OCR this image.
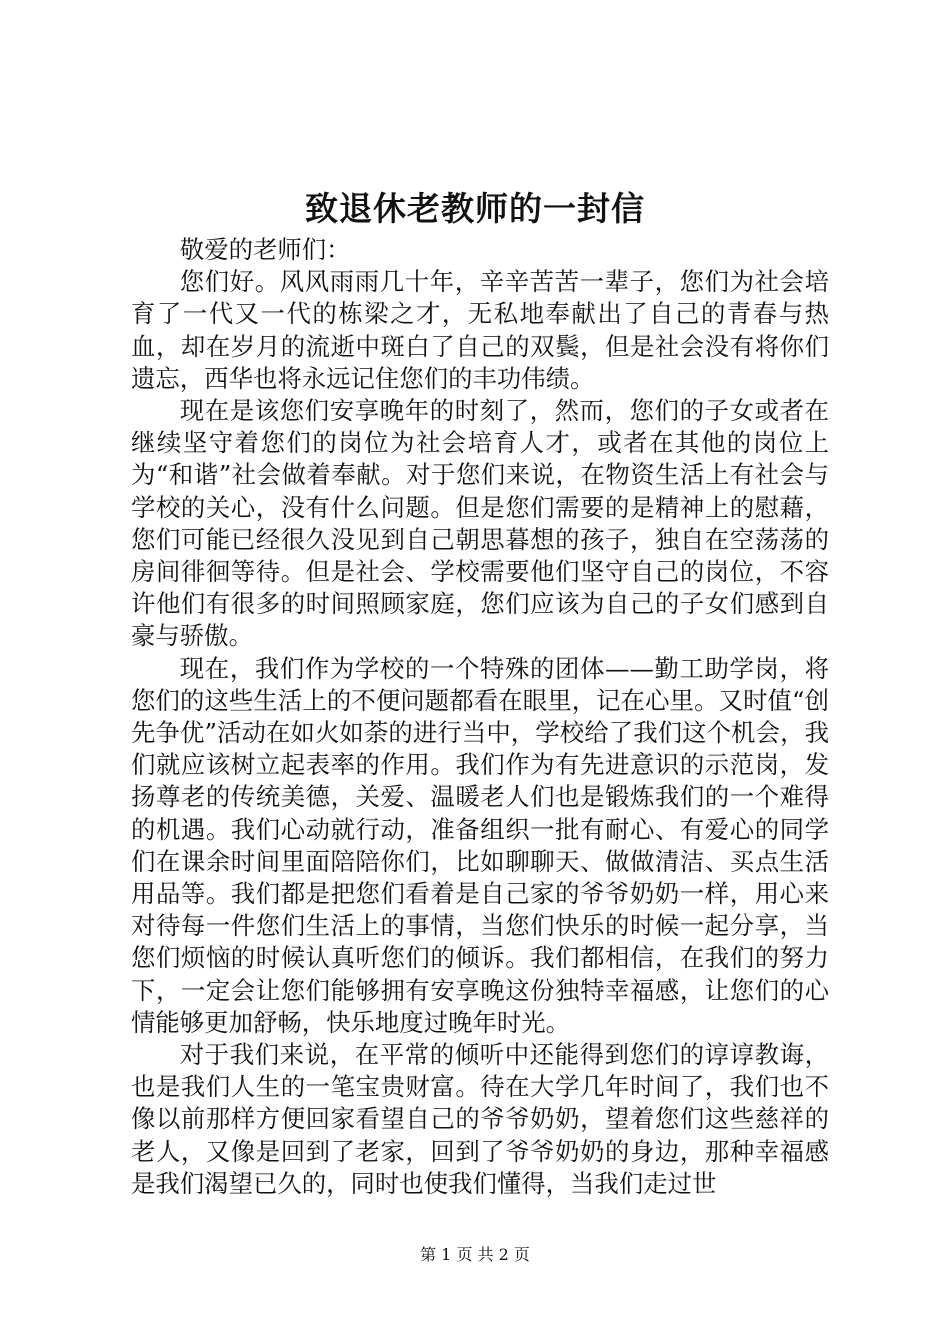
致退休老教师的一封信

敬爱的老师们：

您们好。风风雨雨几十年，辛辛苦苦一辈子，您们为社会培育了一代又一代的栋梁之才，无私地奉献出了自己的青春与热血，却在岁月的流逝中斑白了自己的双鬓，但是社会没有将你们遗忘，西华也将永远记住您们的丰功伟绩。

现在是该您们安享晚年的时刻了，然而，您们的子女或者在继续坚守着您们的岗位为社会培育人才，或者在其他的岗位上为“和谐”社会做着奉献。对于您们来说，在物资生活上有社会与学校的关心，没有什么问题。但是您们需要的是精神上的慰藉，您们可能已经很久没见到自己朝思暮想的孩子，独自在空荡荡的房间徘徊等待。但是社会、学校需要他们坚守自己的岗位，不容许他们有很多的时间照顾家庭，您们应该为自己的子女们感到自豪与骄傲。

现在，我们作为学校的一个特殊的团体——勤工助学岗，将您们的这些生活上的不便问题都看在眼里，记在心里。又时值“创先争优”活动在如火如荼的进行当中，学校给了我们这个机会，我们就应该树立起表率的作用。我们作为有先进意识的示范岗，发扬尊老的传统美德，关爱、温暖老人们也是锻炼我们的一个难得的机遇。我们心动就行动，准备组织一批有耐心、有爱心的同学们在课余时间里面陪陪你们，比如聊聊天、做做清洁、买点生活用品等。我们都是把您们看着是自己家的爷爷奶奶一样，用心来对待每一件您们生活上的事情，当您们快乐的时候一起分享，当您们烦恼的时候认真听您们的倾诉。我们都相信，在我们的努力下，一定会让您们能够拥有安享晚这份独特幸福感，让您们的心情能够更加舒畅，快乐地度过晚年时光。

对于我们来说，在平常的倾听中还能得到您们的谆谆教诲，也是我们人生的一笔宝贵财富。待在大学几年时间了，我们也不像以前那样方便回家看望自己的爷爷奶奶，望着您们这些慈祥的老人，又像是回到了老家，回到了爷爷奶奶的身边，那种幸福感是我们渴望已久的，同时也使我们懂得，当我们走过世

第 1 页 共 2 页
